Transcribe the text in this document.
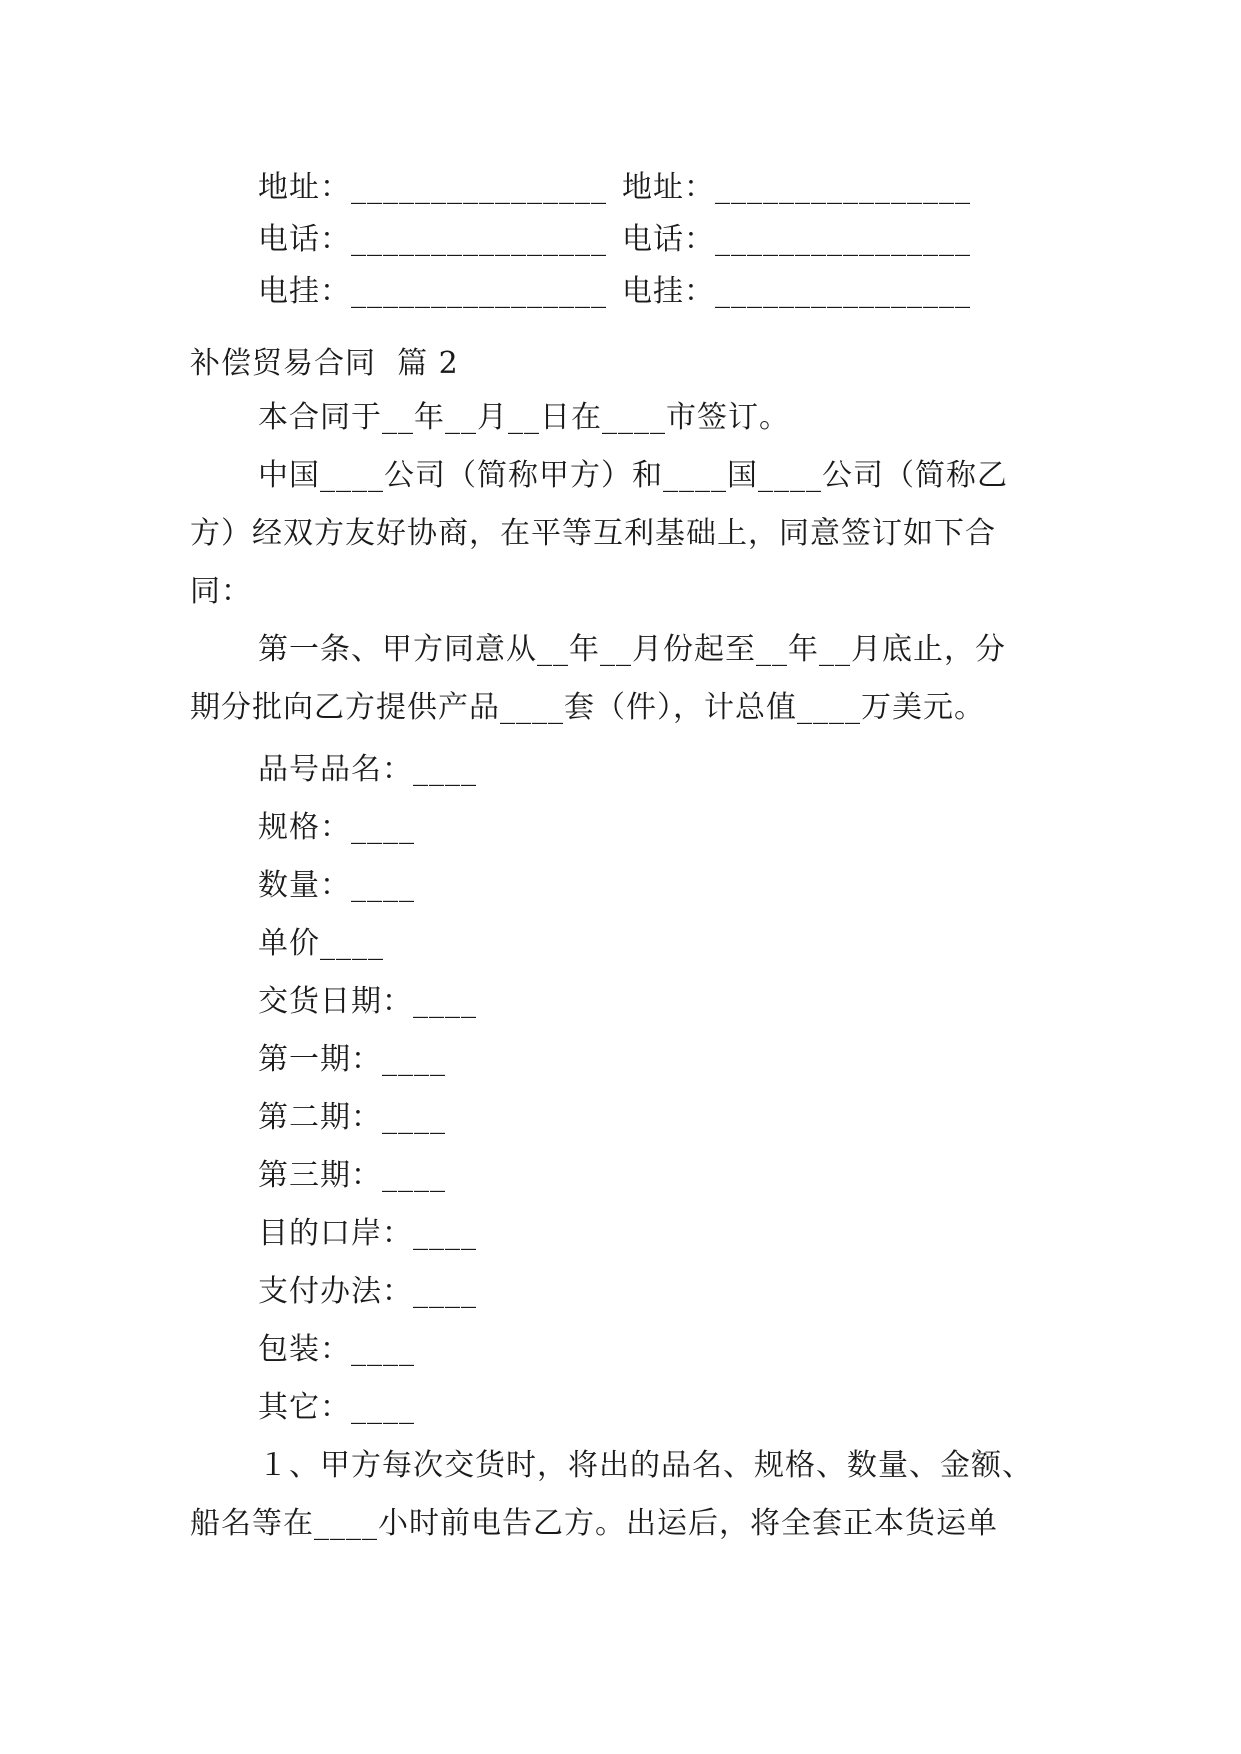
地址：________________ 地址：________________
电话：________________ 电话：________________
电挂：________________ 电挂：________________
补偿贸易合同  篇 2
本合同于__年__月__日在____市签订。
中国____公司（简称甲方）和____国____公司（简称乙
方）经双方友好协商，在平等互利基础上，同意签订如下合
同：
第一条、甲方同意从__年__月份起至__年__月底止，分
期分批向乙方提供产品____套（件），计总值____万美元。
品号品名：____
规格：____
数量：____
单价____
交货日期：____
第一期：____
第二期：____
第三期：____
目的口岸：____
支付办法：____
包装：____
其它：____
１、甲方每次交货时，将出的品名、规格、数量、金额、
船名等在____小时前电告乙方。出运后，将全套正本货运单
